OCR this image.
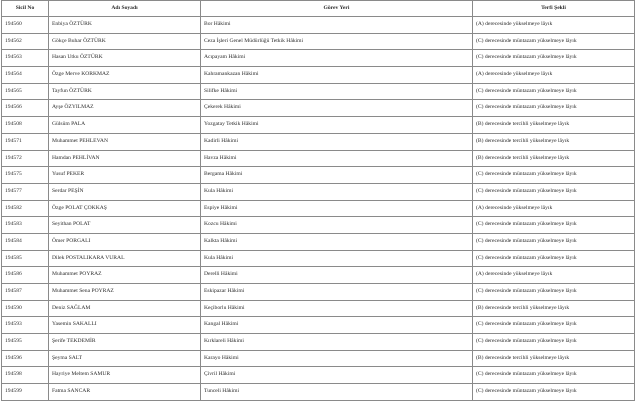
Sicil No	Adı Soyadı	Görev Yeri	Terfi Şekli
194560	Enbiya ÖZTÜRK	Bor Hâkimi	(A) derecesinde yükselmeye lâyık
194562	Gökçe Buhar ÖZTÜRK	Ceza İşleri Genel Müdürlüğü Tetkik Hâkimi	(C) derecesinde müntazam yükselmeye lâyık
194563	Hasan Utku ÖZTÜRK	Acıpayam Hâkimi	(C) derecesinde müntazam yükselmeye lâyık
194564	Özge Merve KORKMAZ	Kahramankazan Hâkimi	(A) derecesinde yükselmeye lâyık
194565	Tayfun ÖZTÜRK	Silifke Hâkimi	(C) derecesinde müntazam yükselmeye lâyık
194566	Ayşe ÖZYILMAZ	Çekerek Hâkimi	(C) derecesinde müntazam yükselmeye lâyık
194508	Gülsüm PALA	Yozgatay Tetkik Hâkimi	(B) derecesinde tercihli yükselmeye lâyık
194571	Muhammet PEHLEVAN	Kadirli Hâkimi	(B) derecesinde tercihli yükselmeye lâyık
194572	Hamdan PEHLİVAN	Havza Hâkimi	(B) derecesinde tercihli yükselmeye lâyık
194575	Yusuf PEKER	Bergama Hâkimi	(C) derecesinde müntazam yükselmeye lâyık
194577	Serdar PEŞİN	Kula Hâkimi	(C) derecesinde müntazam yükselmeye lâyık
194582	Özge POLAT ÇOKKAŞ	Espiye Hâkimi	(A) derecesinde yükselmeye lâyık
194583	Seyithan POLAT	Kozcu Hâkimi	(C) derecesinde müntazam yükselmeye lâyık
194584	Ömer PORGALI	Kalkta Hâkimi	(C) derecesinde müntazam yükselmeye lâyık
194585	Dilek POSTALIKARA VURAL	Kula Hâkimi	(C) derecesinde müntazam yükselmeye lâyık
194586	Muhammet POYRAZ	Derelli Hâkimi	(A) derecesinde yükselmeye lâyık
194587	Muhammet Sena POYRAZ	Eskipazar Hâkimi	(C) derecesinde müntazam yükselmeye lâyık
194590	Deniz SAĞLAM	Keçiborlu Hâkimi	(B) derecesinde tercihli yükselmeye lâyık
194593	Yasemin SAKALLI	Kangal Hâkimi	(C) derecesinde müntazam yükselmeye lâyık
194595	Şerife TEKDEMİR	Kırklareli Hâkimi	(C) derecesinde müntazam yükselmeye lâyık
194596	Şeyma SALT	Karayo Hâkimi	(B) derecesinde tercihli yükselmeye lâyık
194598	Hayriye Meltem SAMUR	Çivril Hâkimi	(C) derecesinde müntazam yükselmeye lâyık
194599	Fatma SANCAR	Tunceli Hâkimi	(C) derecesinde müntazam yükselmeye lâyık
